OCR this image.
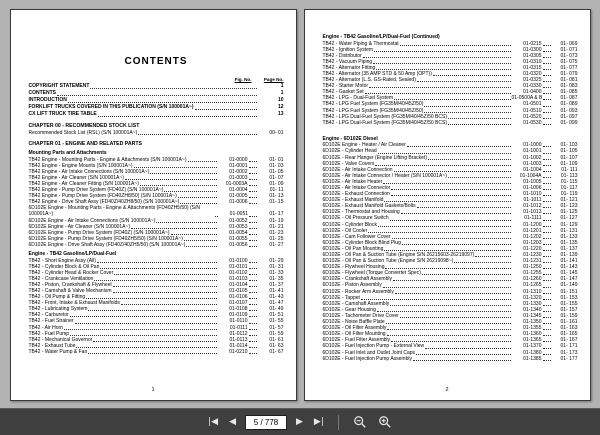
CONTENTS
Fig. No.	Page No.
COPYRIGHT STATEMENT	1
CONTENTS	1
INTRODUCTION	10
FORKLIFT TRUCKS COVERED IN THIS PUBLICATION (S/N 100001A~)	12
CX LIFT TRUCK TIRE TABLE	13
CHAPTER 00 - RECOMMENDED STOCK LIST
Recommended Stock List (RSL) (S/N 100001A~)	00- 01
CHAPTER 01 - ENGINE AND RELATED PARTS
Mounting Parts and Attachments
TB42 Engine - Mounting Parts - Engine & Attachments (S/N 100001A~)	01-0000	01- 01
TB42 Engine - Engine Mounts (S/N 100001A~)	01-0001	01- 03
TB42 Engine - Air Intake Connections (S/N 100001A~)	01-0002	01- 05
TB42 Engine - Air Cleaner (S/N 100001A~)	01-0003	01- 07
TB42 Engine - Air Cleaner Fitting (S/N 100001A~)	01-0003A	01- 09
TB42 Engine - Pump Drive System (FD40Z) (S/N 100001A~)	01-0004	01- 11
TB42 Engine - Pump Drive System (FD40ZH8/50) (S/N 100001A~)	01-0005	01- 13
TB42 Engine - Drive Shaft Assy (FD40Z/40ZH8/50) (S/N 100001A~)	01-0006	01- 15
6D102E Engine - Mounting Parts - Engine & Attachments (FD40ZH5/50) (S/N 100001A~)	01-0051	01- 17
6D102E Engine - Air Intake Connections (S/N 100001A~)	01-0052	01- 19
6D102E Engine - Air Cleaner (S/N 100001A~)	01-0053	01- 21
6D102E Engine - Pump Drive System (FD40Z) (S/N 100001A~)	01-0054	01- 23
6D102E Engine - Pump Drive System (FD40ZH5/50) (S/N 100001A~)	01-0055	01- 25
6D102E Engine - Drive Shaft Assy (FD40Z/40ZH5/50) (S/N 100001A~)	01-0056	01- 27
Engine - TB42 Gasoline/LP/Dual-Fuel
TB42 - Short Engine Assy (All)	01-0100	01- 29
TB42 - Cylinder Block & Oil Pan	01-0101	01- 31
TB42 - Cylinder Head & Rocker Cover	01-0102	01- 33
TB42 - Crankcase Ventilation	01-0103	01- 35
TB42 - Piston, Crankshaft & Flywheel	01-0104	01- 37
TB42 - Camshaft & Valve Mechanism	01-0105	01- 41
TB42 - Oil Pump & Fitting	01-0106	01- 43
TB42 - Front, Intake & Exhaust Manifolds	01-0107	01- 47
TB42 - Lubricating System	01-0108	01- 49
TB42 - Carburetor	01-0109	01- 51
TB42 - Fuel Strainer	01-0110	01- 55
TB42 - Air Horn	01-0111	01- 57
TB42 - Fuel Pump	01-0112	01- 59
TB42 - Mechanical Governor	01-0113	01- 61
TB42 - Exhaust Tube	01-0114	01- 63
TB42 - Water Pump & Fan	01-0210	01- 67
1
Engine - TB42 Gasoline/LP/Dual-Fuel (Continued)
TB42 - Water Piping & Thermostat	01-0215	01- 069
TB42 - Ignition System	01-0300	01- 071
TB42 - Distributor	01-0305	01- 073
TB42 - Vacuum Piping	01-0310	01- 075
TB42 - Alternator Fitting	01-0315	01- 077
TB42 - Alternator (35 AMP STD & 50 Amp (OPT))	01-0320	01- 079
TB42 - Alternator (L.S. GS-Rated, Sealed)	01-0325	01- 081
TB42 - Starter Motor	01-0330	01- 083
TB42 - Gasket Set	01-0400	01- 085
TB42 - LPG - Dual-Fuel System	01-0500A & B	01- 087
TB42 - LPG Fuel System (FG35M/40/45Z/50)	01-0501	01- 089
TB42 - LPG Fuel System (FG35M/40/45Z/50)	01-0510	01- 093
TB42 - LPG Dual-Fuel System (FG35M/40/45Z/50 BCS)	01-0520	01- 097
TB42 - LPG Dual-Fuel System (FG35M/40/45Z/50 BCS)	01-0530	01- 099
Engine - 6D102E Diesel
6D102E Engine - Heater / Air Cleaner	01-1000	01- 103
6D102E - Cylinder Head	01-1001	01- 105
6D102E - Rear Hanger (Engine Lifting Bracket)	01-1002	01- 107
6D102E - Valve Covers	01-1003	01- 109
6D102E - Air Intake Connection	01-1004	01- 111
6D102E - Air Intake Connector / Heater (S/N 100001A~)	01-1004A	01- 113
6D102E - Air Intake Heater	01-1005	01- 115
6D102E - Air Intake Connector	01-1006	01- 117
6D102E - Exhaust Connection	01-1010	01- 119
6D102E - Exhaust Manifold	01-1011	01- 121
6D102E - Exhaust Manifold Gaskets/Bolts	01-1012	01- 123
6D102E - Thermostat and Housing	01-1013	01- 125
6D102E - Oil Pressure Switch	01-1111	01- 127
6D102E - Cylinder Block	01-1200	01- 129
6D102E - Oil Cooler	01-1201	01- 131
6D102E - Cam Follower Cover	01-1202	01- 133
6D102E - Cylinder Block Blind Plug	01-1203	01- 135
6D102E - Oil Pan Mounting	01-1220	01- 137
6D102E - Oil Pan & Suction Tube (Engine S/N 26215603-26219097)	01-1230	01- 139
6D102E - Oil Pan & Suction Tube (Engine S/N 26219098~)	01-1231	01- 141
6D102E - Flywheel Housing	01-1250	01- 143
6D102E - Flywheel (Torque Converter Spec)	01-1255	01- 145
6D102E - Crankshaft Assembly	01-1260	01- 147
6D102E - Piston Assembly	01-1265	01- 149
6D102E - Rocker Arm Assembly	01-1310	01- 151
6D102E - Tappet	01-1320	01- 153
6D102E - Camshaft Assembly	01-1330	01- 155
6D102E - Gear Housing	01-1340	01- 157
6D102E - Tachometer Drive Cover	01-1345	01- 159
6D102E - Noise Baffle Plate	01-1350	01- 161
6D102E - Oil Filter Assembly	01-1355	01- 163
6D102E - Oil Filter Mounting	01-1360	01- 165
6D102E - Fuel Filter Assembly	01-1365	01- 167
6D102E - Fuel Injection Pump - External View	01-1370	01- 171
6D102E - Fuel Inlet and Outlet Joint Caps	01-1380	01- 173
6D102E - Fuel Injection Pump Assembly	01-1385	01- 177
2
|◀ ◀	5 / 778	▶ ▶|
